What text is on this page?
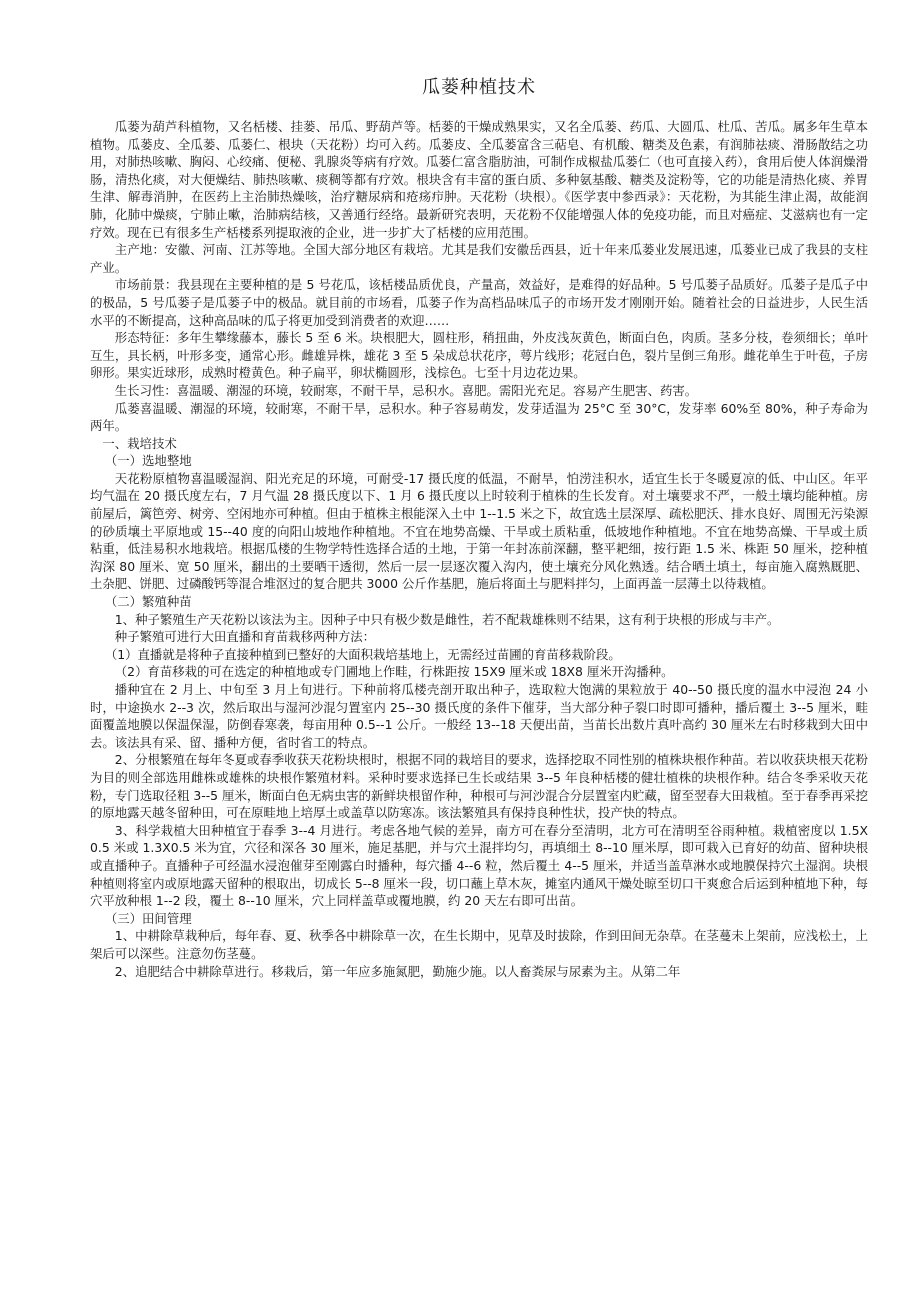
瓜蒌种植技术

瓜蒌为葫芦科植物，又名栝楼、挂蒌、吊瓜、野葫芦等。栝蒌的干燥成熟果实，又名全瓜蒌、药瓜、大圆瓜、杜瓜、苦瓜。属多年生草本植物。瓜蒌皮、全瓜蒌、瓜蒌仁、根块（天花粉）均可入药。瓜蒌皮、全瓜蒌富含三萜皂、有机酸、糖类及色素，有润肺祛痰、滑肠散结之功用，对肺热咳嗽、胸闷、心绞痛、便秘、乳腺炎等病有疗效。瓜蒌仁富含脂肪油，可制作成椒盐瓜蒌仁（也可直接入药），食用后使人体润燥滑肠，清热化痰，对大便燥结、肺热咳嗽、痰稠等都有疗效。根块含有丰富的蛋白质、多种氨基酸、糖类及淀粉等，它的功能是清热化痰、养胃生津、解毒消肿，在医药上主治肺热燥咳，治疗糖尿病和疮疡疖肿。天花粉（块根）。《医学衷中参西录》：天花粉，为其能生津止渴，故能润肺，化肺中燥痰，宁肺止嗽，治肺病结核，又善通行经络。最新研究表明，天花粉不仅能增强人体的免疫功能，而且对癌症、艾滋病也有一定疗效。现在已有很多生产栝楼系列提取液的企业，进一步扩大了栝楼的应用范围。

主产地：安徽、河南、江苏等地。全国大部分地区有栽培。尤其是我们安徽岳西县，近十年来瓜蒌业发展迅速，瓜蒌业已成了我县的支柱产业。

市场前景：我县现在主要种植的是 5 号花瓜，该栝楼品质优良，产量高，效益好，是难得的好品种。5 号瓜蒌子品质好。瓜蒌子是瓜子中的极品，5 号瓜蒌子是瓜蒌子中的极品。就目前的市场看，瓜蒌子作为高档品味瓜子的市场开发才刚刚开始。随着社会的日益进步，人民生活水平的不断提高，这种高品味的瓜子将更加受到消费者的欢迎……

形态特征：多年生攀缘藤本，藤长 5 至 6 米。块根肥大，圆柱形，稍扭曲，外皮浅灰黄色，断面白色，肉质。茎多分枝，卷须细长；单叶互生，具长柄，叶形多变，通常心形。雌雄异株，雄花 3 至 5 朵成总状花序，萼片线形；花冠白色，裂片呈倒三角形。雌花单生于叶苞，子房卵形。果实近球形，成熟时橙黄色。种子扁平，卵状椭圆形，浅棕色。七至十月边花边果。

生长习性：喜温暖、潮湿的环境，较耐寒，不耐干旱，忌积水。喜肥。需阳光充足。容易产生肥害、药害。

瓜蒌喜温暖、潮湿的环境，较耐寒，不耐干旱，忌积水。种子容易萌发，发芽适温为 25°C 至 30°C，发芽率 60%至 80%，种子寿命为两年。

一、栽培技术

（一）选地整地

天花粉原植物喜温暖湿润、阳光充足的环境，可耐受-17 摄氏度的低温，不耐旱，怕涝洼积水，适宜生长于冬暖夏凉的低、中山区。年平均气温在 20 摄氏度左右，7 月气温 28 摄氏度以下、1 月 6 摄氏度以上时较利于植株的生长发育。对土壤要求不严，一般土壤均能种植。房前屋后，篱笆旁、树旁、空闲地亦可种植。但由于植株主根能深入土中 1--1.5 米之下，故宜选土层深厚、疏松肥沃、排水良好、周围无污染源的砂质壤土平原地或 15--40 度的向阳山坡地作种植地。不宜在地势高燥、干旱或土质粘重，低坡地作种植地。不宜在地势高燥、干旱或土质粘重，低洼易积水地栽培。根据瓜楼的生物学特性选择合适的土地，于第一年封冻前深翻，整平耙细，按行距 1.5 米、株距 50 厘米，挖种植沟深 80 厘米、宽 50 厘米，翻出的土要晒干透彻，然后一层一层逐次覆入沟内，使土壤充分风化熟透。结合晒土填土，每亩施入腐熟厩肥、土杂肥、饼肥、过磷酸钙等混合堆沤过的复合肥共 3000 公斤作基肥，施后将面土与肥料拌匀，上面再盖一层薄土以待栽植。

（二）繁殖种苗

1、种子繁殖生产天花粉以该法为主。因种子中只有极少数是雌性，若不配栽雄株则不结果，这有利于块根的形成与丰产。

种子繁殖可进行大田直播和育苗栽移两种方法：

（1）直播就是将种子直接种植到已整好的大面积栽培基地上，无需经过苗圃的育苗移栽阶段。

（2）育苗移栽的可在选定的种植地或专门圃地上作畦，行株距按 15X9 厘米或 18X8 厘米开沟播种。

播种宜在 2 月上、中旬至 3 月上旬进行。下种前将瓜楼壳剖开取出种子，选取粒大饱满的果粒放于 40--50 摄氏度的温水中浸泡 24 小时，中途换水 2--3 次，然后取出与湿河沙混匀置室内 25--30 摄氏度的条件下催芽，当大部分种子裂口时即可播种，播后覆土 3--5 厘米，畦面覆盖地膜以保温保湿，防倒春寒袭，每亩用种 0.5--1 公斤。一般经 13--18 天便出苗，当苗长出数片真叶高约 30 厘米左右时移栽到大田中去。该法具有采、留、播种方便，省时省工的特点。

2、分根繁殖在每年冬夏或春季收获天花粉块根时，根据不同的栽培目的要求，选择挖取不同性别的植株块根作种苗。若以收获块根天花粉为目的则全部选用雌株或雄株的块根作繁殖材料。采种时要求选择已生长或结果 3--5 年良种栝楼的健壮植株的块根作种。结合冬季采收天花粉，专门选取径粗 3--5 厘米，断面白色无病虫害的新鲜块根留作种，种根可与河沙混合分层置室内贮藏，留至翌春大田栽植。至于春季再采挖的原地露天越冬留种田，可在原畦地上培厚土或盖草以防寒冻。该法繁殖具有保持良种性状，投产快的特点。

3、科学栽植大田种植宜于春季 3--4 月进行。考虑各地气候的差异，南方可在春分至清明，北方可在清明至谷雨种植。栽植密度以 1.5X0.5 米或 1.3X0.5 米为宜，穴径和深各 30 厘米，施足基肥，并与穴土混拌均匀，再填细土 8--10 厘米厚，即可栽入已育好的幼苗、留种块根或直播种子。直播种子可经温水浸泡催芽至刚露白时播种，每穴播 4--6 粒，然后覆土 4--5 厘米，并适当盖草淋水或地膜保持穴土湿润。块根种植则将室内或原地露天留种的根取出，切成长 5--8 厘米一段，切口蘸上草木灰，摊室内通风干燥处晾至切口干爽愈合后运到种植地下种，每穴平放种根 1--2 段，覆土 8--10 厘米，穴上同样盖草或覆地膜，约 20 天左右即可出苗。

（三）田间管理

1、中耕除草栽种后，每年春、夏、秋季各中耕除草一次，在生长期中，见草及时拔除，作到田间无杂草。在茎蔓未上架前，应浅松土，上架后可以深些。注意勿伤茎蔓。

2、追肥结合中耕除草进行。移栽后，第一年应多施氮肥，勤施少施。以人畜粪尿与尿素为主。从第二年
